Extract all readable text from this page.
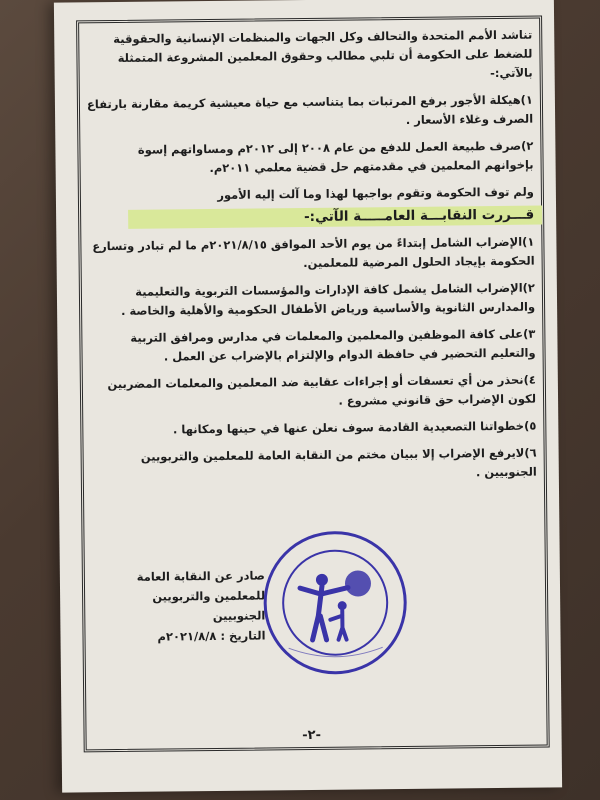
تناشد الأمم المتحدة والتحالف وكل الجهات والمنظمات الإنسانية والحقوقية للضغط على الحكومة أن تلبي مطالب وحقوق المعلمين المشروعة المتمثلة بالآتي:-

١)هيكلة الأجور برفع المرتبات بما يتناسب مع حياة معيشية كريمة مقارنة بارتفاع الصرف وغلاء الأسعار .

٢)صرف طبيعة العمل للدفع من عام ٢٠٠٨ إلى ٢٠١٢م ومساواتهم إسوة بإخوانهم المعلمين في مقدمتهم حل قضية معلمي ٢٠١١م.

ولم توف الحكومة وتقوم بواجبها لهذا وما آلت إليه الأمور

قـــررت النقابـــة العامـــــة الآتي:-

١)الإضراب الشامل إبتداءً من يوم الأحد الموافق ٢٠٢١/٨/١٥م ما لم تبادر وتسارع الحكومة بإيجاد الحلول المرضية للمعلمين.

٢)الإضراب الشامل يشمل كافة الإدارات والمؤسسات التربوية والتعليمية والمدارس الثانوية والأساسية ورياض الأطفال الحكومية والأهلية والخاصة .

٣)على كافة الموظفين والمعلمين والمعلمات في مدارس ومرافق التربية والتعليم التحضير في حافظة الدوام والإلتزام بالإضراب عن العمل .

٤)نحذر من أي تعسفات أو إجراءات عقابية ضد المعلمين والمعلمات المضربين لكون الإضراب حق قانوني مشروع .

٥)خطواتنا التصعيدية القادمة سوف نعلن عنها في حينها ومكانها .

٦)لايرفع الإضراب إلا ببيان مختم من النقابة العامة للمعلمين والتربويين الجنوبيين .

صادر عن النقابة العامة
للمعلمين والتربويين الجنوبيين
التاريخ : ٢٠٢١/٨/٨م
-٢-
